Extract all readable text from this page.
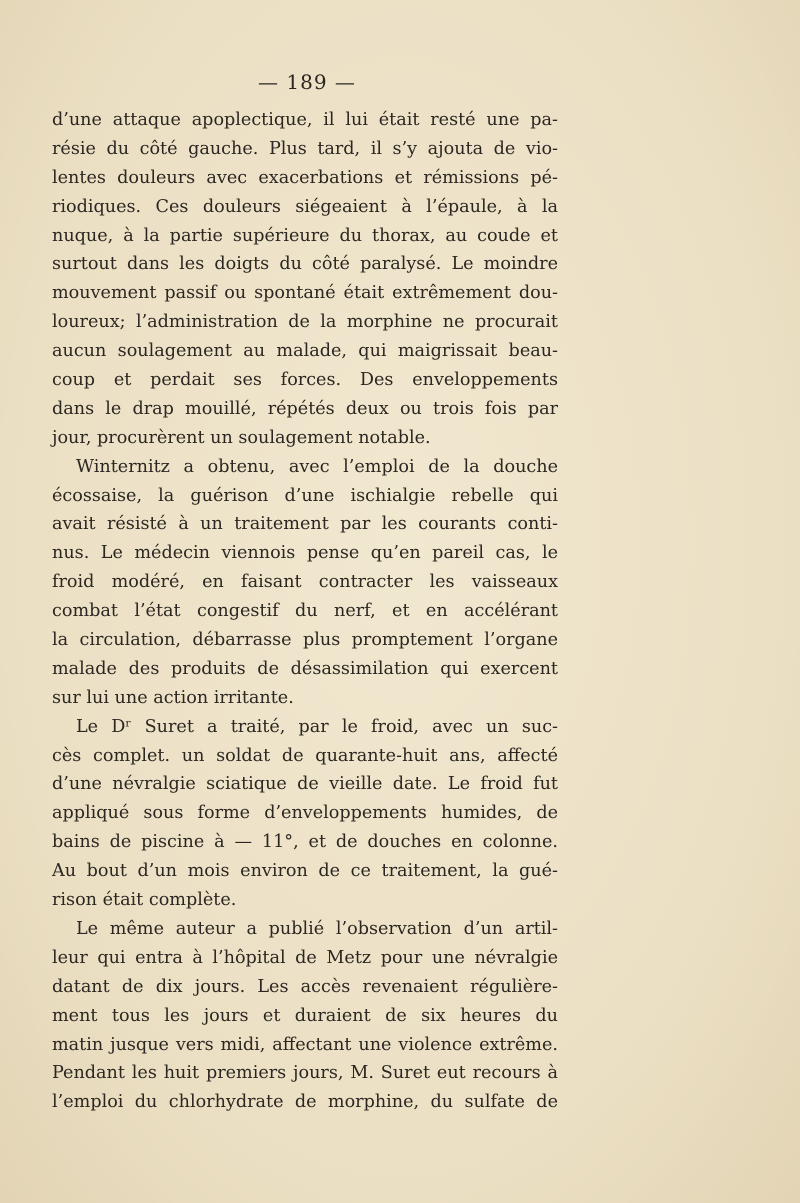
— 189 —
d’une attaque apoplectique, il lui était resté une pa-
résie du côté gauche. Plus tard, il s’y ajouta de vio-
lentes douleurs avec exacerbations et rémissions pé-
riodiques. Ces douleurs siégeaient à l’épaule, à la
nuque, à la partie supérieure du thorax, au coude et
surtout dans les doigts du côté paralysé. Le moindre
mouvement passif ou spontané était extrêmement dou-
loureux; l’administration de la morphine ne procurait
aucun soulagement au malade, qui maigrissait beau-
coup et perdait ses forces. Des enveloppements
dans le drap mouillé, répétés deux ou trois fois par
jour, procurèrent un soulagement notable.
Winternitz a obtenu, avec l’emploi de la douche
écossaise, la guérison d’une ischialgie rebelle qui
avait résisté à un traitement par les courants conti-
nus. Le médecin viennois pense qu’en pareil cas, le
froid modéré, en faisant contracter les vaisseaux
combat l’état congestif du nerf, et en accélérant
la circulation, débarrasse plus promptement l’organe
malade des produits de désassimilation qui exercent
sur lui une action irritante.
Le Dʳ Suret a traité, par le froid, avec un suc-
cès complet. un soldat de quarante-huit ans, affecté
d’une névralgie sciatique de vieille date. Le froid fut
appliqué sous forme d’enveloppements humides, de
bains de piscine à — 11°, et de douches en colonne.
Au bout d’un mois environ de ce traitement, la gué-
rison était complète.
Le même auteur a publié l’observation d’un artil-
leur qui entra à l’hôpital de Metz pour une névralgie
datant de dix jours. Les accès revenaient régulière-
ment tous les jours et duraient de six heures du
matin jusque vers midi, affectant une violence extrême.
Pendant les huit premiers jours, M. Suret eut recours à
l’emploi du chlorhydrate de morphine, du sulfate de
